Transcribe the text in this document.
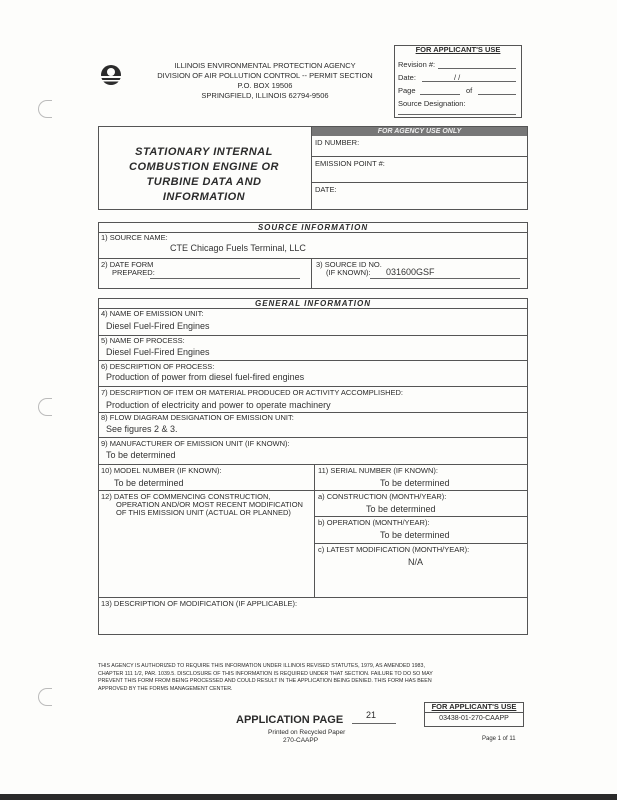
ILLINOIS ENVIRONMENTAL PROTECTION AGENCY
DIVISION OF AIR POLLUTION CONTROL -- PERMIT SECTION
P.O. BOX 19506
SPRINGFIELD, ILLINOIS 62794-9506
FOR APPLICANT'S USE
Revision #:
Date:	/ /
Page	of
Source Designation:
STATIONARY INTERNAL COMBUSTION ENGINE OR TURBINE DATA AND INFORMATION
FOR AGENCY USE ONLY
ID NUMBER:
EMISSION POINT #:
DATE:
SOURCE INFORMATION
1) SOURCE NAME:
CTE Chicago Fuels Terminal, LLC
2) DATE FORM
PREPARED:
3) SOURCE ID NO.
(IF KNOWN): 031600GSF
GENERAL INFORMATION
4) NAME OF EMISSION UNIT:
Diesel Fuel-Fired Engines
5) NAME OF PROCESS:
Diesel Fuel-Fired Engines
6) DESCRIPTION OF PROCESS:
Production of power from diesel fuel-fired engines
7) DESCRIPTION OF ITEM OR MATERIAL PRODUCED OR ACTIVITY ACCOMPLISHED:
Production of electricity and power to operate machinery
8) FLOW DIAGRAM DESIGNATION OF EMISSION UNIT:
See figures 2 & 3.
9) MANUFACTURER OF EMISSION UNIT (IF KNOWN):
To be determined
10) MODEL NUMBER (IF KNOWN):
To be determined
11) SERIAL NUMBER (IF KNOWN):
To be determined
12) DATES OF COMMENCING CONSTRUCTION,
OPERATION AND/OR MOST RECENT MODIFICATION
OF THIS EMISSION UNIT (ACTUAL OR PLANNED)
a) CONSTRUCTION (MONTH/YEAR):
To be determined
b) OPERATION (MONTH/YEAR):
To be determined
c) LATEST MODIFICATION (MONTH/YEAR):
N/A
13) DESCRIPTION OF MODIFICATION (IF APPLICABLE):
THIS AGENCY IS AUTHORIZED TO REQUIRE THIS INFORMATION UNDER ILLINOIS REVISED STATUTES, 1979, AS AMENDED 1983,
CHAPTER 111 1/2, PAR. 1039.5. DISCLOSURE OF THIS INFORMATION IS REQUIRED UNDER THAT SECTION. FAILURE TO DO SO MAY
PREVENT THIS FORM FROM BEING PROCESSED AND COULD RESULT IN THE APPLICATION BEING DENIED. THIS FORM HAS BEEN
APPROVED BY THE FORMS MANAGEMENT CENTER.
APPLICATION PAGE	21
Printed on Recycled Paper
270-CAAPP	Page 1 of 11
FOR APPLICANT'S USE
03438-01-270-CAAPP
